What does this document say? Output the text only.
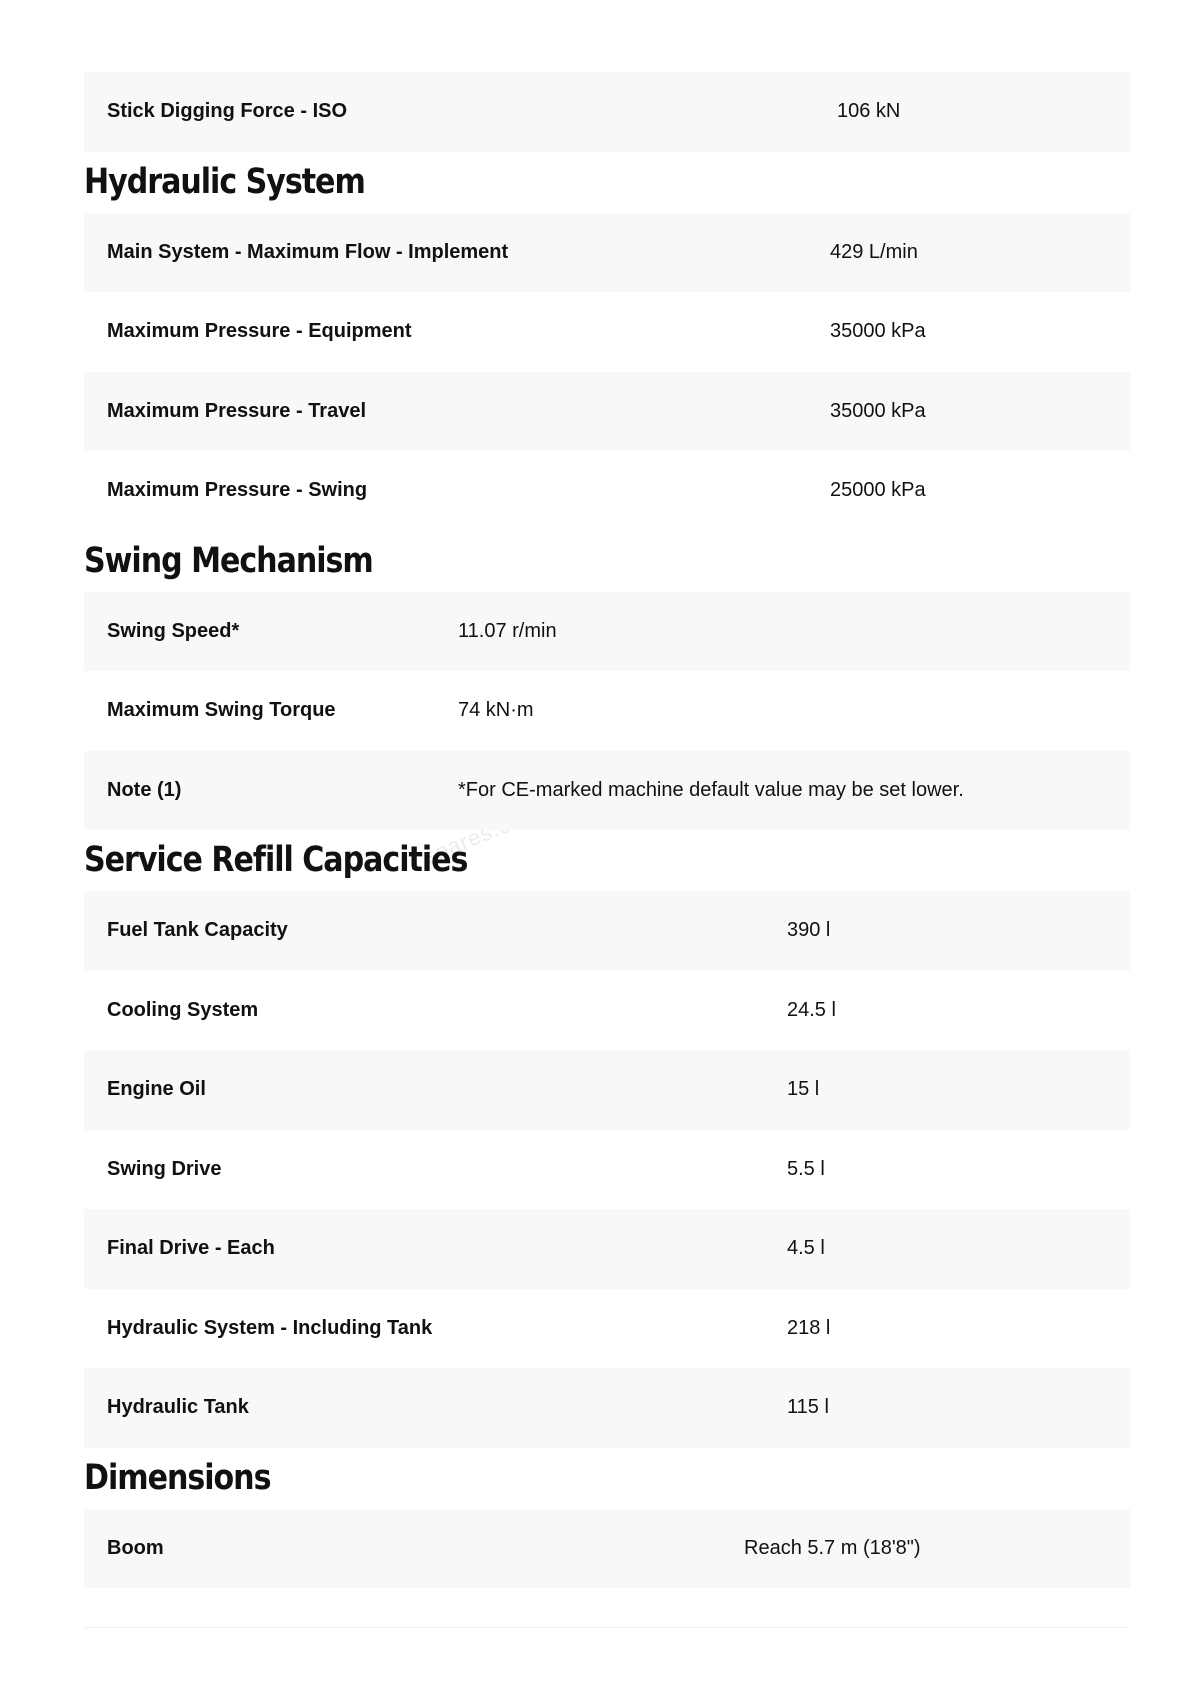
spares.com
Stick Digging Force - ISO	106 kN
Hydraulic System
Main System - Maximum Flow - Implement	429 L/min
Maximum Pressure - Equipment	35000 kPa
Maximum Pressure - Travel	35000 kPa
Maximum Pressure - Swing	25000 kPa
Swing Mechanism
Swing Speed*	11.07 r/min
Maximum Swing Torque	74 kN·m
Note (1)	*For CE-marked machine default value may be set lower.
Service Refill Capacities
Fuel Tank Capacity	390 l
Cooling System	24.5 l
Engine Oil	15 l
Swing Drive	5.5 l
Final Drive - Each	4.5 l
Hydraulic System - Including Tank	218 l
Hydraulic Tank	115 l
Dimensions
Boom	Reach 5.7 m (18'8")
